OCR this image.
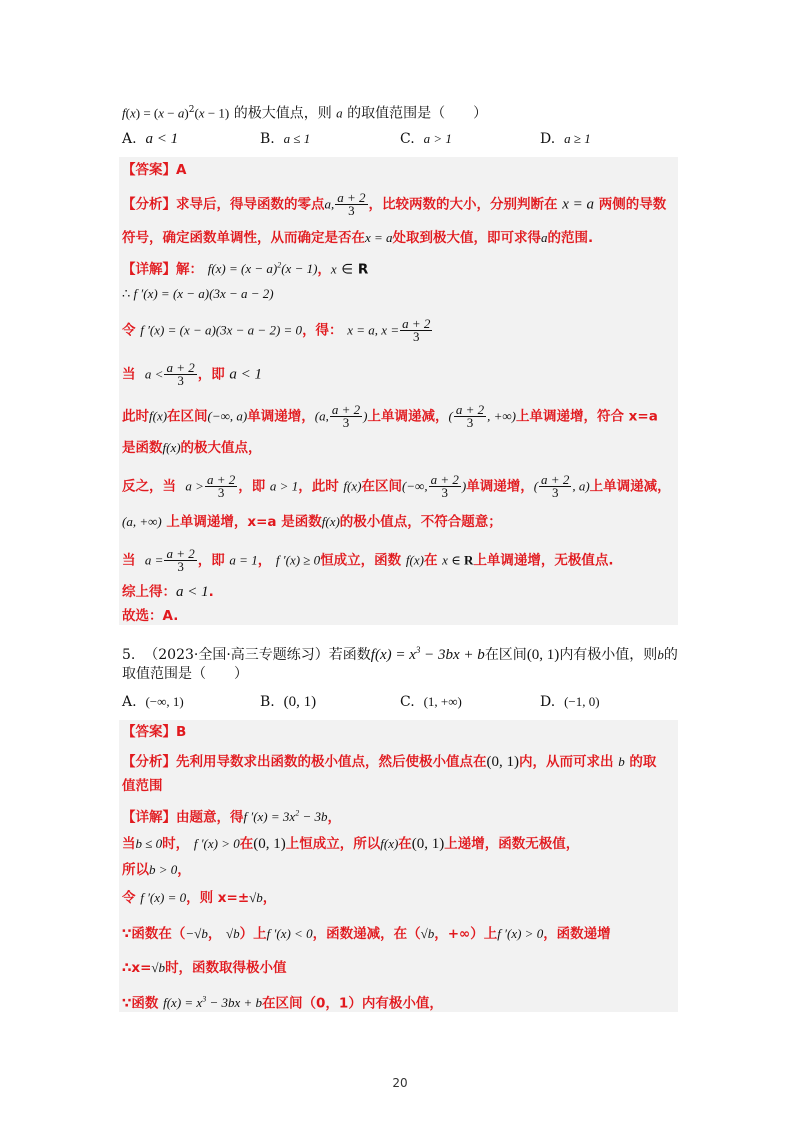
$f(x) = (x - a)^2(x - 1)$ 的极大值点，则 a 的取值范围是（　　）
A. a < 1	B. a ≤ 1	C. a > 1	D. a ≥ 1
【答案】A
【分析】求导后，得导函数的零点a, $\frac{a + 2}{3}$ ，比较两数的大小，分别判断在 x = a 两侧的导数
符号，确定函数单调性，从而确定是否在x = a处取到极大值，即可求得a的范围.
【详解】解： $f(x) = (x - a)^2(x - 1)$，x ∈ R
∴ f ′(x) = (x − a)(3x − a − 2)
令 f ′(x) = (x − a)(3x − a − 2) = 0，得： x = a, $x = \frac{a + 2}{3}$
当 $a < \frac{a + 2}{3}$ ，即 a < 1
此时f(x)在区间(−∞, a)单调递增，(a, $\frac{a + 2}{3}$ )上单调递减，( $\frac{a + 2}{3}$ , +∞)上单调递增，符合 x=a
是函数f(x)的极大值点，
反之，当 $a > \frac{a + 2}{3}$ ，即 a > 1，此时 f(x)在区间(−∞, $\frac{a + 2}{3}$ )单调递增，( $\frac{a + 2}{3}$ , a)上单调递减，
(a, +∞) 上单调递增，x=a 是函数f(x)的极小值点，不符合题意；
当 $a = \frac{a + 2}{3}$ ，即 a = 1， f ′(x) ≥ 0恒成立，函数 f(x)在 x ∈ R上单调递增，无极值点.
综上得：a < 1.
故选：A.
5. （2023·全国·高三专题练习）若函数$f(x) = x^3 - 3bx + b$在区间(0, 1)内有极小值，则b的
取值范围是（　　）
A. (−∞, 1)	B. (0, 1)	C. (1, +∞)	D. (−1, 0)
【答案】B
【分析】先利用导数求出函数的极小值点，然后使极小值点在(0, 1)内，从而可求出 b 的取
值范围
【详解】由题意，得f $'(x) = 3x^2 - 3b$，
当b ≤ 0时， f ′(x) > 0在(0, 1)上恒成立，所以f(x)在(0, 1)上递增，函数无极值，
所以b > 0，
令 f ′(x) = 0，则 x=±√b，
∵函数在（−√b， √b）上f ′(x) < 0，函数递减，在（√b，+∞）上f ′(x) > 0，函数递增
∴x=√b时，函数取得极小值
∵函数 $f(x) = x^3 - 3bx + b$在区间（0，1）内有极小值，
20
